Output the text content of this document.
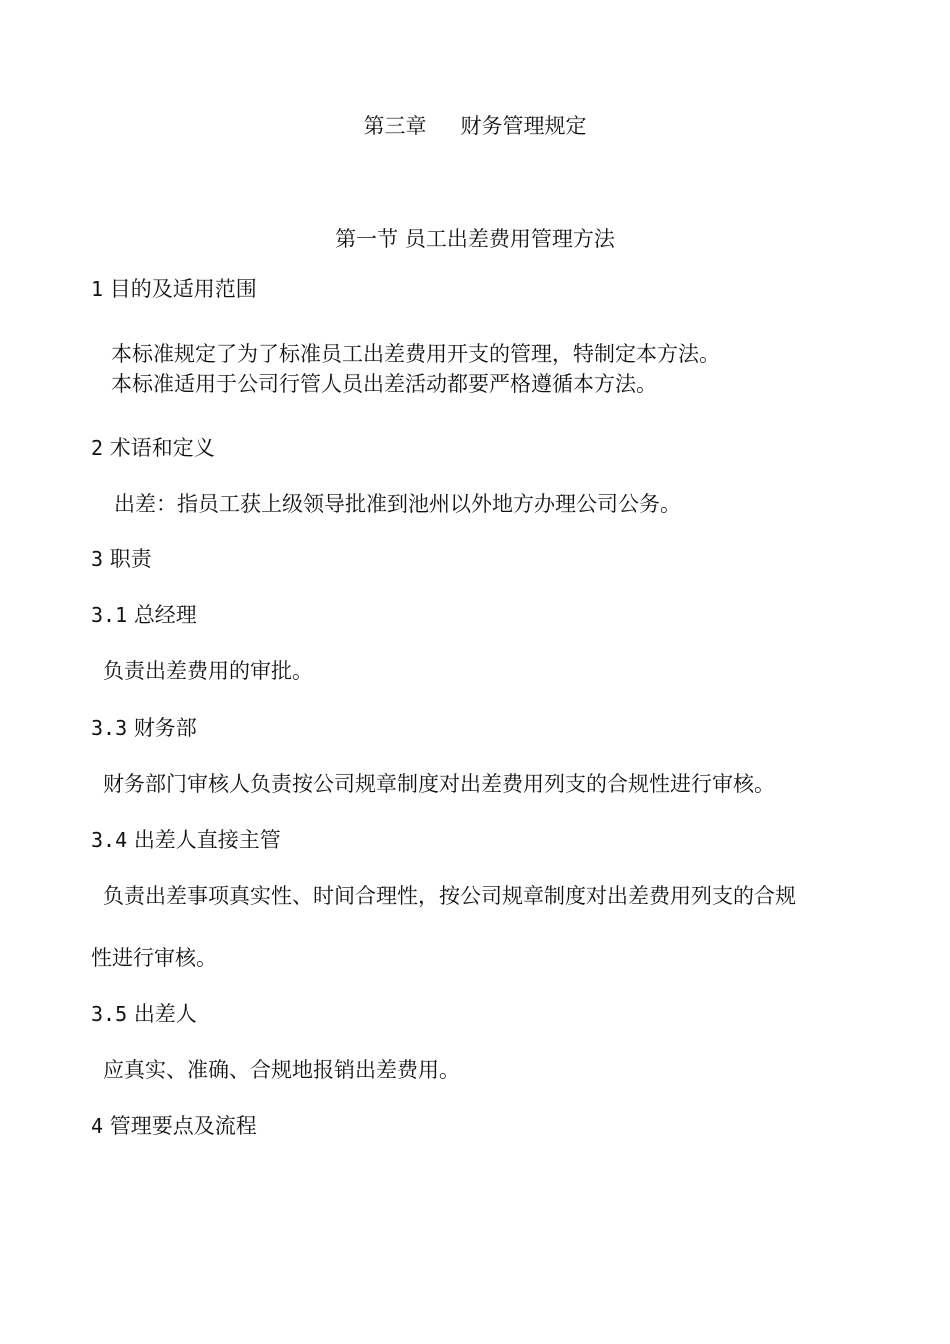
第三章 财务管理规定
第一节 员工出差费用管理方法
1 目的及适用范围
本标准规定了为了标准员工出差费用开支的管理，特制定本方法。
本标准适用于公司行管人员出差活动都要严格遵循本方法。
2 术语和定义
出差：指员工获上级领导批准到池州以外地方办理公司公务。
3 职责
3.1 总经理
负责出差费用的审批。
3.3 财务部
财务部门审核人负责按公司规章制度对出差费用列支的合规性进行审核。
3.4 出差人直接主管
负责出差事项真实性、时间合理性，按公司规章制度对出差费用列支的合规
性进行审核。
3.5 出差人
应真实、准确、合规地报销出差费用。
4 管理要点及流程
